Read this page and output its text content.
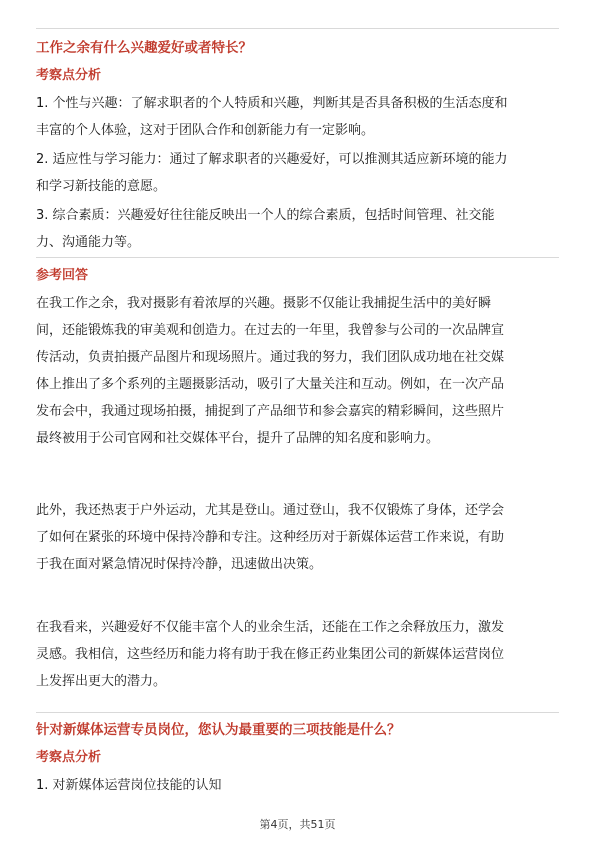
工作之余有什么兴趣爱好或者特长？
考察点分析
1. 个性与兴趣：了解求职者的个人特质和兴趣，判断其是否具备积极的生活态度和
丰富的个人体验，这对于团队合作和创新能力有一定影响。
2. 适应性与学习能力：通过了解求职者的兴趣爱好，可以推测其适应新环境的能力
和学习新技能的意愿。
3. 综合素质：兴趣爱好往往能反映出一个人的综合素质，包括时间管理、社交能
力、沟通能力等。
参考回答
在我工作之余，我对摄影有着浓厚的兴趣。摄影不仅能让我捕捉生活中的美好瞬
间，还能锻炼我的审美观和创造力。在过去的一年里，我曾参与公司的一次品牌宣
传活动，负责拍摄产品图片和现场照片。通过我的努力，我们团队成功地在社交媒
体上推出了多个系列的主题摄影活动，吸引了大量关注和互动。例如，在一次产品
发布会中，我通过现场拍摄，捕捉到了产品细节和参会嘉宾的精彩瞬间，这些照片
最终被用于公司官网和社交媒体平台，提升了品牌的知名度和影响力。
此外，我还热衷于户外运动，尤其是登山。通过登山，我不仅锻炼了身体，还学会
了如何在紧张的环境中保持冷静和专注。这种经历对于新媒体运营工作来说，有助
于我在面对紧急情况时保持冷静，迅速做出决策。
在我看来，兴趣爱好不仅能丰富个人的业余生活，还能在工作之余释放压力，激发
灵感。我相信，这些经历和能力将有助于我在修正药业集团公司的新媒体运营岗位
上发挥出更大的潜力。
针对新媒体运营专员岗位，您认为最重要的三项技能是什么？
考察点分析
1. 对新媒体运营岗位技能的认知
第4页，共51页
